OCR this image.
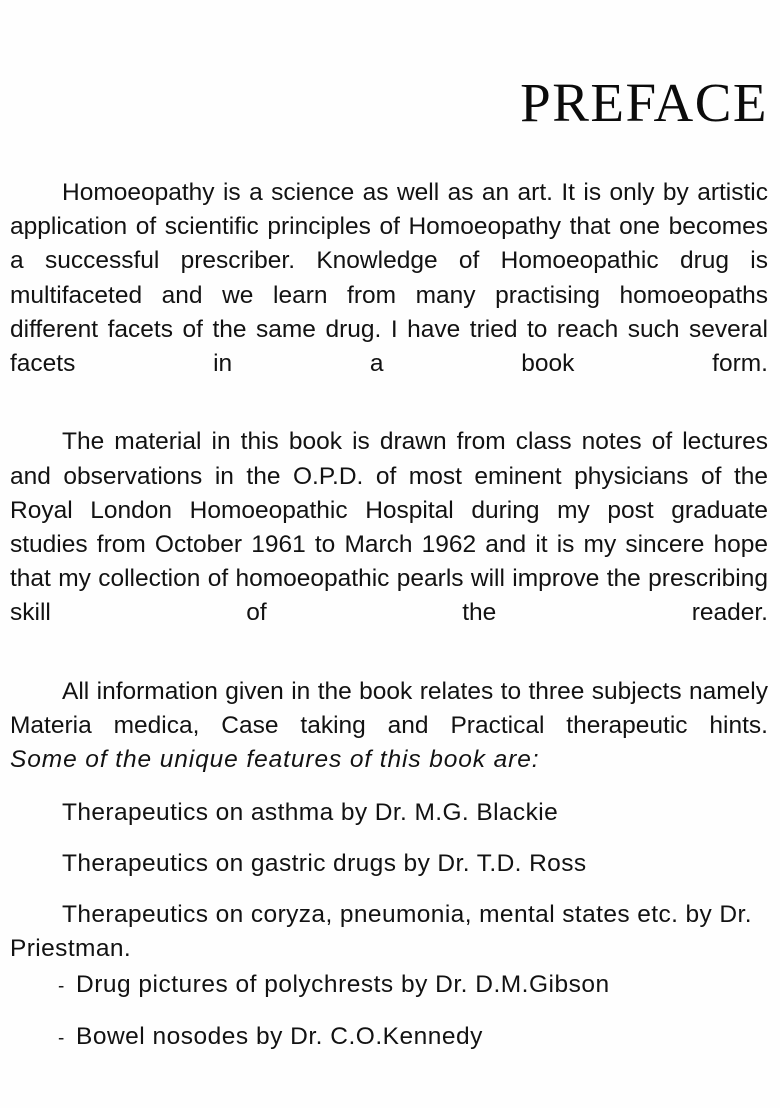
PREFACE

Homoeopathy is a science as well as an art. It is only by artistic application of scientific principles of Homoeopathy that one becomes a successful prescriber. Knowledge of Homoeopathic drug is multifaceted and we learn from many practising homoeopaths different facets of the same drug. I have tried to reach such several facets in a book form.

The material in this book is drawn from class notes of lectures and observations in the O.P.D. of most eminent physicians of the Royal London Homoeopathic Hospital during my post graduate studies from October 1961 to March 1962 and it is my sincere hope that my collection of homoeopathic pearls will improve the prescribing skill of the reader.

All information given in the book relates to three subjects namely Materia medica, Case taking and Practical therapeutic hints.

Some of the unique features of this book are:
Therapeutics on asthma by Dr. M.G. Blackie
Therapeutics on gastric drugs by Dr. T.D. Ross
Therapeutics on coryza, pneumonia, mental states etc. by Dr. Priestman.
- Drug pictures of polychrests by Dr. D.M.Gibson
- Bowel nosodes by Dr. C.O.Kennedy
